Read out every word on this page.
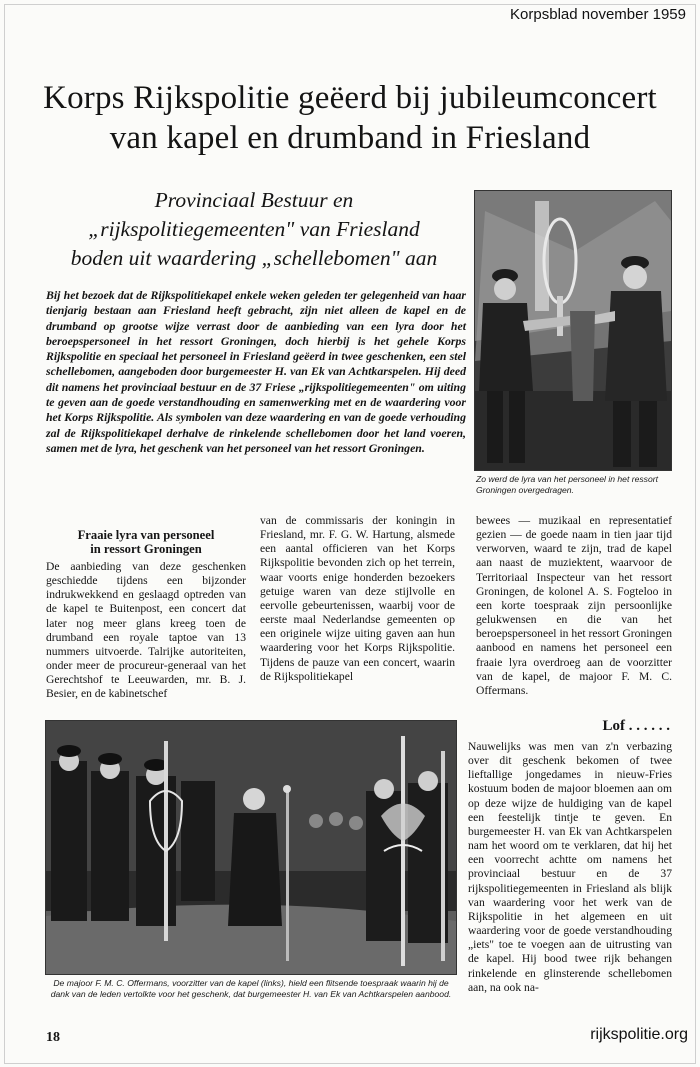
Korpsblad november 1959
Korps Rijkspolitie geëerd bij jubileumconcert
van kapel en drumband in Friesland
Provinciaal Bestuur en
„rijkspolitiegemeenten" van Friesland
boden uit waardering „schellebomen" aan

Bij het bezoek dat de Rijkspolitiekapel enkele weken geleden ter gelegenheid van haar tienjarig bestaan aan Friesland heeft gebracht, zijn niet alleen de kapel en de drumband op grootse wijze verrast door de aanbieding van een lyra door het beroepspersoneel in het ressort Groningen, doch hierbij is het gehele Korps Rijkspolitie en speciaal het personeel in Friesland geëerd in twee geschenken, een stel schellebomen, aangeboden door burgemeester H. van Ek van Achtkarspelen. Hij deed dit namens het provinciaal bestuur en de 37 Friese „rijkspolitiegemeenten" om uiting te geven aan de goede verstandhouding en samenwerking met en de waardering voor het Korps Rijkspolitie. Als symbolen van deze waardering en van de goede verhouding zal de Rijkspolitiekapel derhalve de rinkelende schellebomen door het land voeren, samen met de lyra, het geschenk van het personeel van het ressort Groningen.

Zo werd de lyra van het personeel in het ressort Groningen overgedragen.
Fraaie lyra van personeel
in ressort Groningen

De aanbieding van deze geschenken geschiedde tijdens een bijzonder indrukwekkend en geslaagd optreden van de kapel te Buitenpost, een concert dat later nog meer glans kreeg toen de drumband een royale taptoe van 13 nummers uitvoerde. Talrijke autoriteiten, onder meer de procureur-generaal van het Gerechtshof te Leeuwarden, mr. B. J. Besier, en de kabinetschef

van de commissaris der koningin in Friesland, mr. F. G. W. Hartung, alsmede een aantal officieren van het Korps Rijkspolitie bevonden zich op het terrein, waar voorts enige honderden bezoekers getuige waren van deze stijlvolle en eervolle gebeurtenissen, waarbij voor de eerste maal Nederlandse gemeenten op een originele wijze uiting gaven aan hun waardering voor het Korps Rijkspolitie. Tijdens de pauze van een concert, waarin de Rijkspolitiekapel

bewees — muzikaal en representatief gezien — de goede naam in tien jaar tijd verworven, waard te zijn, trad de kapel aan naast de muziektent, waarvoor de Territoriaal Inspecteur van het ressort Groningen, de kolonel A. S. Fogteloo in een korte toespraak zijn persoonlijke gelukwensen en die van het beroepspersoneel in het ressort Groningen aanbood en namens het personeel een fraaie lyra overdroeg aan de voorzitter van de kapel, de majoor F. M. C. Offermans.

Lof . . . . . .

Nauwelijks was men van z'n verbazing over dit geschenk bekomen of twee lieftallige jongedames in nieuw-Fries kostuum boden de majoor bloemen aan om op deze wijze de huldiging van de kapel een feestelijk tintje te geven. En burgemeester H. van Ek van Achtkarspelen nam het woord om te verklaren, dat hij het een voorrecht achtte om namens het provinciaal bestuur en de 37 rijkspolitiegemeenten in Friesland als blijk van waardering voor het werk van de Rijkspolitie in het algemeen en uit waardering voor de goede verstandhouding „iets" toe te voegen aan de uitrusting van de kapel. Hij bood twee rijk behangen rinkelende en glinsterende schellebomen aan, na ook na-

De majoor F. M. C. Offermans, voorzitter van de kapel (links), hield een flitsende toespraak waarin hij de dank van de leden vertolkte voor het geschenk, dat burgemeester H. van Ek van Achtkarspelen aanbood.
18	rijkspolitie.org
